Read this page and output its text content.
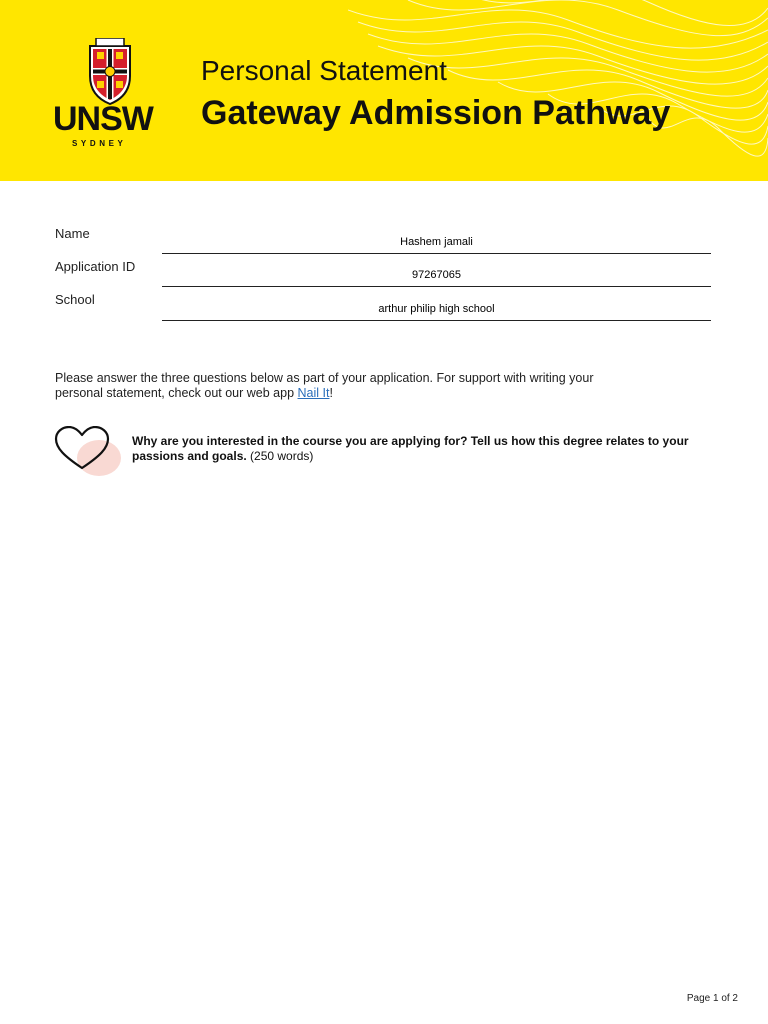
UNSW
SYDNEY
Personal Statement
Gateway Admission Pathway
Name
Hashem jamali
Application ID
97267065
School
arthur philip high school
Please answer the three questions below as part of your application. For support with writing your personal statement, check out our web app Nail It!
Why are you interested in the course you are applying for? Tell us how this degree relates to your passions and goals. (250 words)
Page 1 of 2
